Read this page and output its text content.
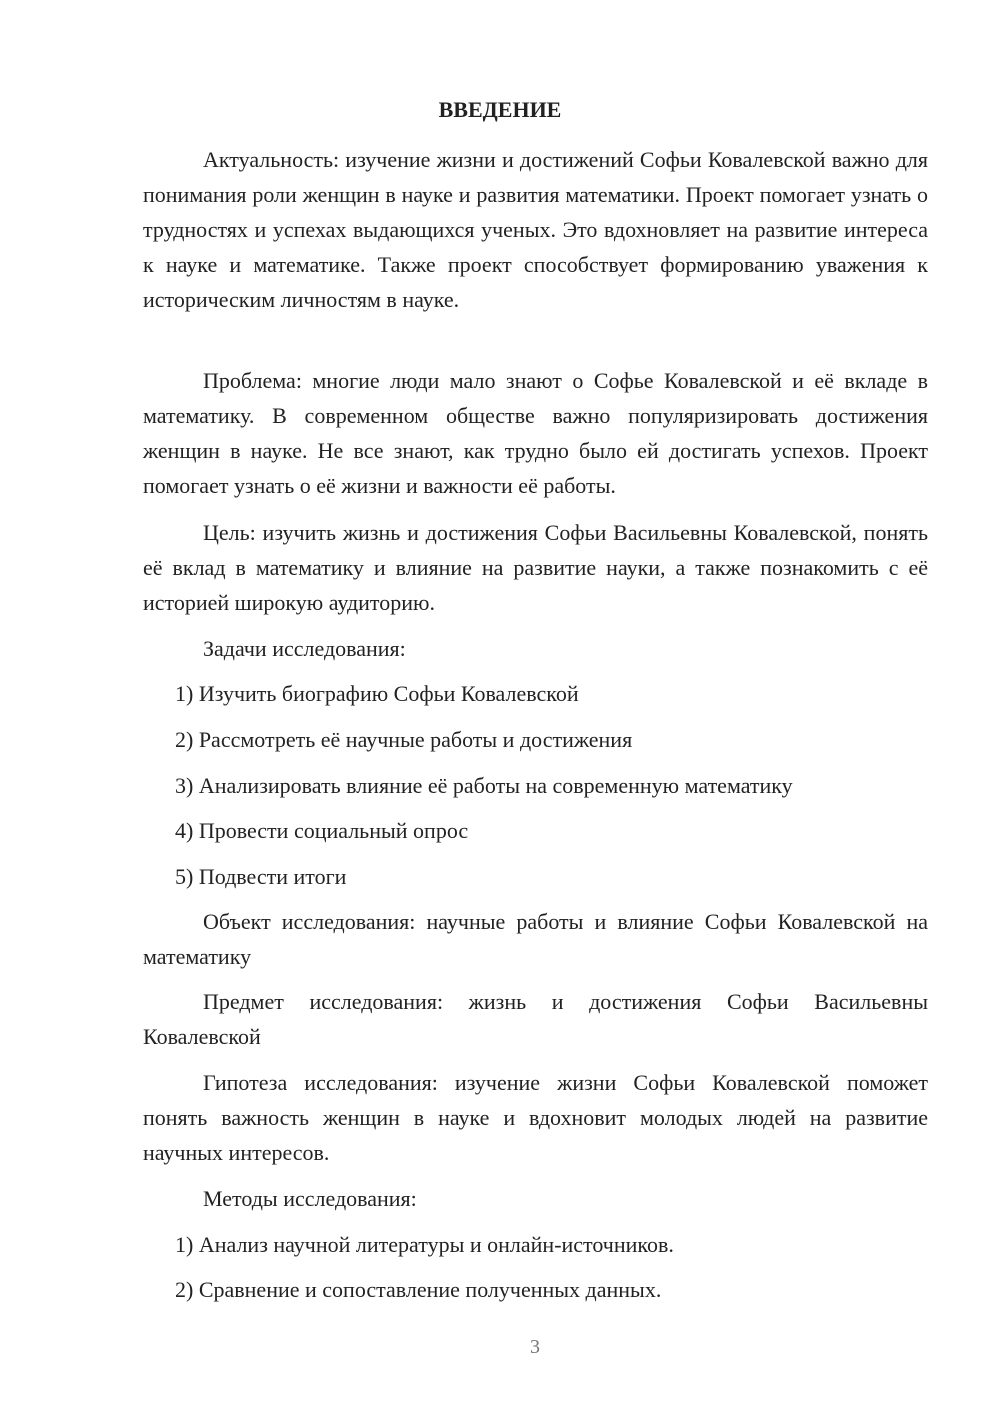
ВВЕДЕНИЕ

Актуальность: изучение жизни и достижений Софьи Ковалевской важно для понимания роли женщин в науке и развития математики. Проект помогает узнать о трудностях и успехах выдающихся ученых. Это вдохновляет на развитие интереса к науке и математике. Также проект способствует формированию уважения к историческим личностям в науке.

Проблема: многие люди мало знают о Софье Ковалевской и её вкладе в математику. В современном обществе важно популяризировать достижения женщин в науке. Не все знают, как трудно было ей достигать успехов. Проект помогает узнать о её жизни и важности её работы.

Цель: изучить жизнь и достижения Софьи Васильевны Ковалевской, понять её вклад в математику и влияние на развитие науки, а также познакомить с её историей широкую аудиторию.

Задачи исследования:

1) Изучить биографию Софьи Ковалевской

2) Рассмотреть её научные работы и достижения

3) Анализировать влияние её работы на современную математику

4) Провести социальный опрос

5) Подвести итоги

Объект исследования: научные работы и влияние Софьи Ковалевской на математику

Предмет исследования: жизнь и достижения Софьи Васильевны Ковалевской

Гипотеза исследования: изучение жизни Софьи Ковалевской поможет понять важность женщин в науке и вдохновит молодых людей на развитие научных интересов.

Методы исследования:

1) Анализ научной литературы и онлайн-источников.

2) Сравнение и сопоставление полученных данных.

3
